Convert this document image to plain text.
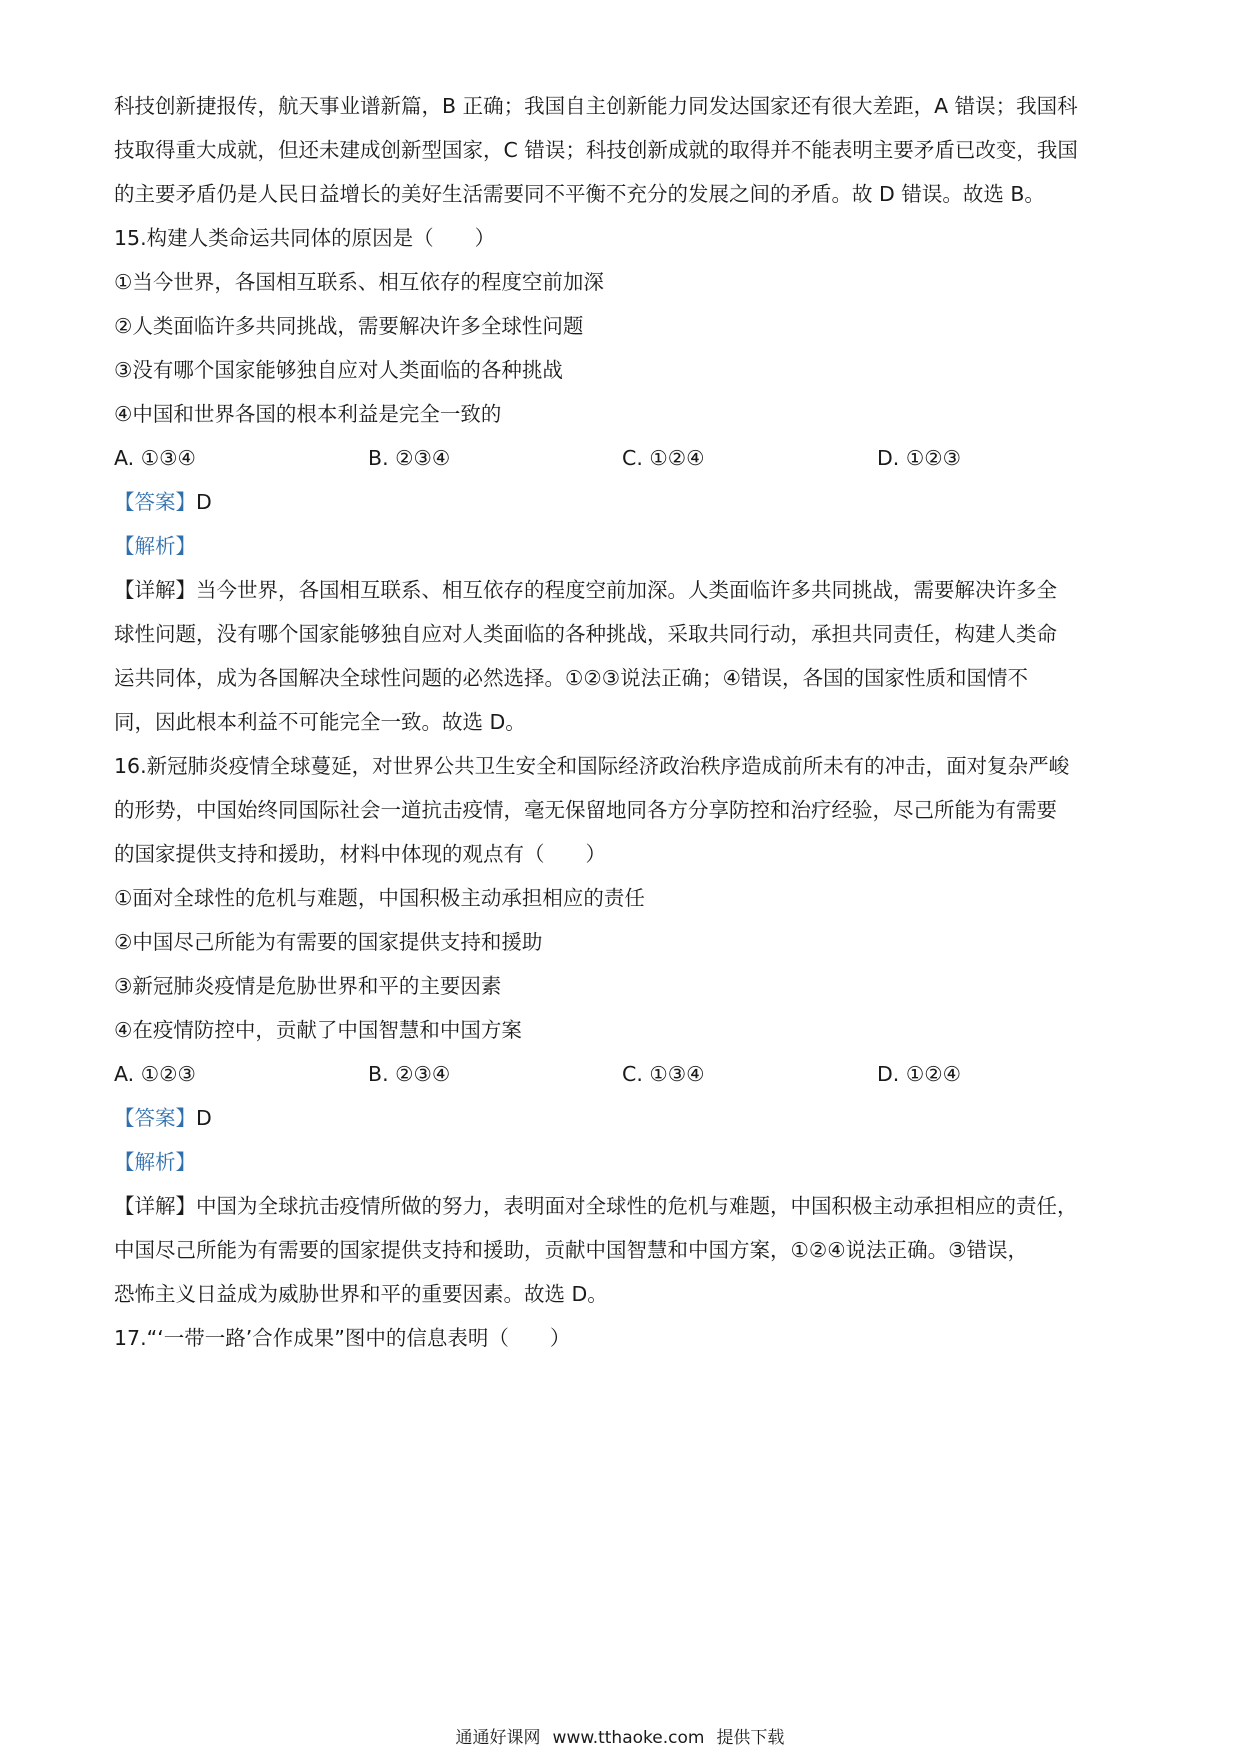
科技创新捷报传，航天事业谱新篇，B 正确；我国自主创新能力同发达国家还有很大差距，A 错误；我国科
技取得重大成就，但还未建成创新型国家，C 错误；科技创新成就的取得并不能表明主要矛盾已改变，我国
的主要矛盾仍是人民日益增长的美好生活需要同不平衡不充分的发展之间的矛盾。故 D 错误。故选 B。
15.构建人类命运共同体的原因是（　　）
①当今世界，各国相互联系、相互依存的程度空前加深
②人类面临许多共同挑战，需要解决许多全球性问题
③没有哪个国家能够独自应对人类面临的各种挑战
④中国和世界各国的根本利益是完全一致的
A. ①③④	B. ②③④	C. ①②④	D. ①②③
【答案】D
【解析】
【详解】当今世界，各国相互联系、相互依存的程度空前加深。人类面临许多共同挑战，需要解决许多全
球性问题，没有哪个国家能够独自应对人类面临的各种挑战，采取共同行动，承担共同责任，构建人类命
运共同体，成为各国解决全球性问题的必然选择。①②③说法正确；④错误，各国的国家性质和国情不
同，因此根本利益不可能完全一致。故选 D。
16.新冠肺炎疫情全球蔓延，对世界公共卫生安全和国际经济政治秩序造成前所未有的冲击，面对复杂严峻
的形势，中国始终同国际社会一道抗击疫情，毫无保留地同各方分享防控和治疗经验，尽己所能为有需要
的国家提供支持和援助，材料中体现的观点有（　　）
①面对全球性的危机与难题，中国积极主动承担相应的责任
②中国尽己所能为有需要的国家提供支持和援助
③新冠肺炎疫情是危胁世界和平的主要因素
④在疫情防控中，贡献了中国智慧和中国方案
A. ①②③	B. ②③④	C. ①③④	D. ①②④
【答案】D
【解析】
【详解】中国为全球抗击疫情所做的努力，表明面对全球性的危机与难题，中国积极主动承担相应的责任，
中国尽己所能为有需要的国家提供支持和援助，贡献中国智慧和中国方案，①②④说法正确。③错误，
恐怖主义日益成为威胁世界和平的重要因素。故选 D。
17.“‘一带一路’合作成果”图中的信息表明（　　）
通通好课网 www.tthaoke.com 提供下载
